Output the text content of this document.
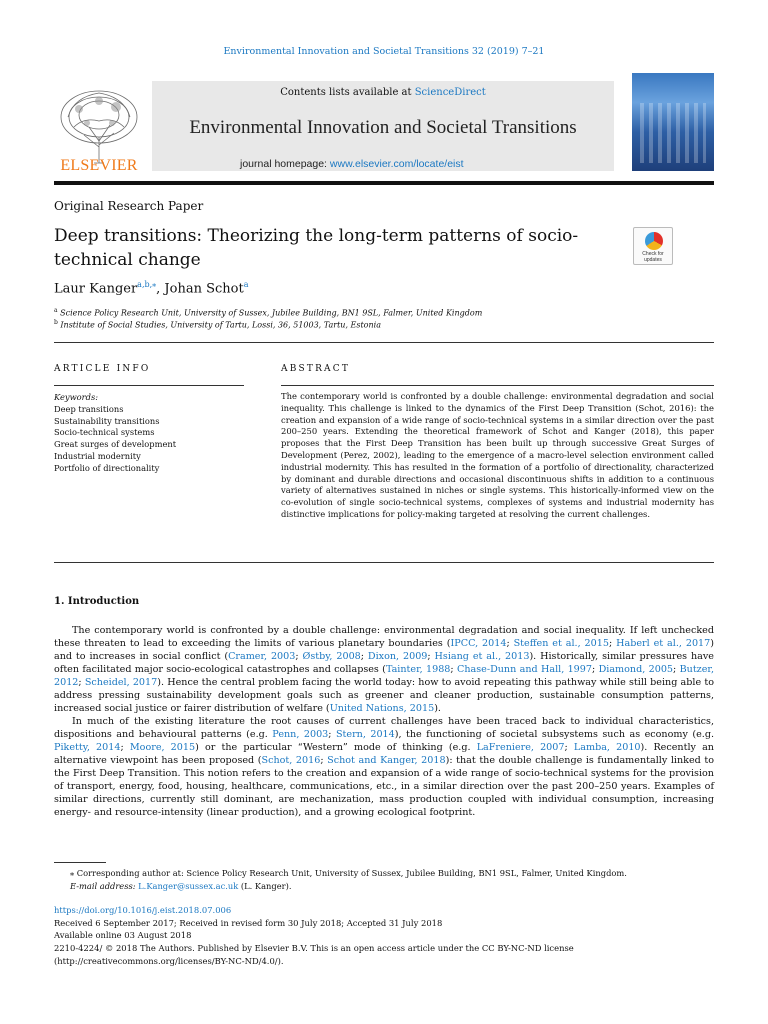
Environmental Innovation and Societal Transitions 32 (2019) 7–21
ELSEVIER
Contents lists available at ScienceDirect
Environmental Innovation and Societal Transitions
journal homepage: www.elsevier.com/locate/eist
Original Research Paper
Deep transitions: Theorizing the long-term patterns of socio-technical change	Check for updates
Laur Kanger$^{a,b,⁎}$, Johan Schot$^a$
$^a$ Science Policy Research Unit, University of Sussex, Jubilee Building, BN1 9SL, Falmer, United Kingdom
$^b$ Institute of Social Studies, University of Tartu, Lossi, 36, 51003, Tartu, Estonia
ARTICLE INFO	ABSTRACT
Keywords:
Deep transitions
Sustainability transitions
Socio-technical systems
Great surges of development
Industrial modernity
Portfolio of directionality
The contemporary world is confronted by a double challenge: environmental degradation and social inequality. This challenge is linked to the dynamics of the First Deep Transition (Schot, 2016): the creation and expansion of a wide range of socio-technical systems in a similar direction over the past 200–250 years. Extending the theoretical framework of Schot and Kanger (2018), this paper proposes that the First Deep Transition has been built up through successive Great Surges of Development (Perez, 2002), leading to the emergence of a macro-level selection environment called industrial modernity. This has resulted in the formation of a portfolio of directionality, characterized by dominant and durable directions and occasional discontinuous shifts in addition to a continuous variety of alternatives sustained in niches or single systems. This historically-informed view on the co-evolution of single socio-technical systems, complexes of systems and industrial modernity has distinctive implications for policy-making targeted at resolving the current challenges.
1. Introduction

The contemporary world is confronted by a double challenge: environmental degradation and social inequality. If left unchecked these threaten to lead to exceeding the limits of various planetary boundaries (IPCC, 2014; Steffen et al., 2015; Haberl et al., 2017) and to increases in social conflict (Cramer, 2003; Østby, 2008; Dixon, 2009; Hsiang et al., 2013). Historically, similar pressures have often facilitated major socio-ecological catastrophes and collapses (Tainter, 1988; Chase-Dunn and Hall, 1997; Diamond, 2005; Butzer, 2012; Scheidel, 2017). Hence the central problem facing the world today: how to avoid repeating this pathway while still being able to address pressing sustainability development goals such as greener and cleaner production, sustainable consumption patterns, increased social justice or fairer distribution of welfare (United Nations, 2015).

In much of the existing literature the root causes of current challenges have been traced back to individual characteristics, dispositions and behavioural patterns (e.g. Penn, 2003; Stern, 2014), the functioning of societal subsystems such as economy (e.g. Piketty, 2014; Moore, 2015) or the particular “Western” mode of thinking (e.g. LaFreniere, 2007; Lamba, 2010). Recently an alternative viewpoint has been proposed (Schot, 2016; Schot and Kanger, 2018): that the double challenge is fundamentally linked to the First Deep Transition. This notion refers to the creation and expansion of a wide range of socio-technical systems for the provision of transport, energy, food, housing, healthcare, communications, etc., in a similar direction over the past 200–250 years. Examples of similar directions, currently still dominant, are mechanization, mass production coupled with individual consumption, increasing energy- and resource-intensity (linear production), and a growing ecological footprint.

⁎ Corresponding author at: Science Policy Research Unit, University of Sussex, Jubilee Building, BN1 9SL, Falmer, United Kingdom.
E-mail address: L.Kanger@sussex.ac.uk (L. Kanger).
https://doi.org/10.1016/j.eist.2018.07.006
Received 6 September 2017; Received in revised form 30 July 2018; Accepted 31 July 2018
Available online 03 August 2018
2210-4224/ © 2018 The Authors. Published by Elsevier B.V. This is an open access article under the CC BY-NC-ND license
(http://creativecommons.org/licenses/BY-NC-ND/4.0/).
